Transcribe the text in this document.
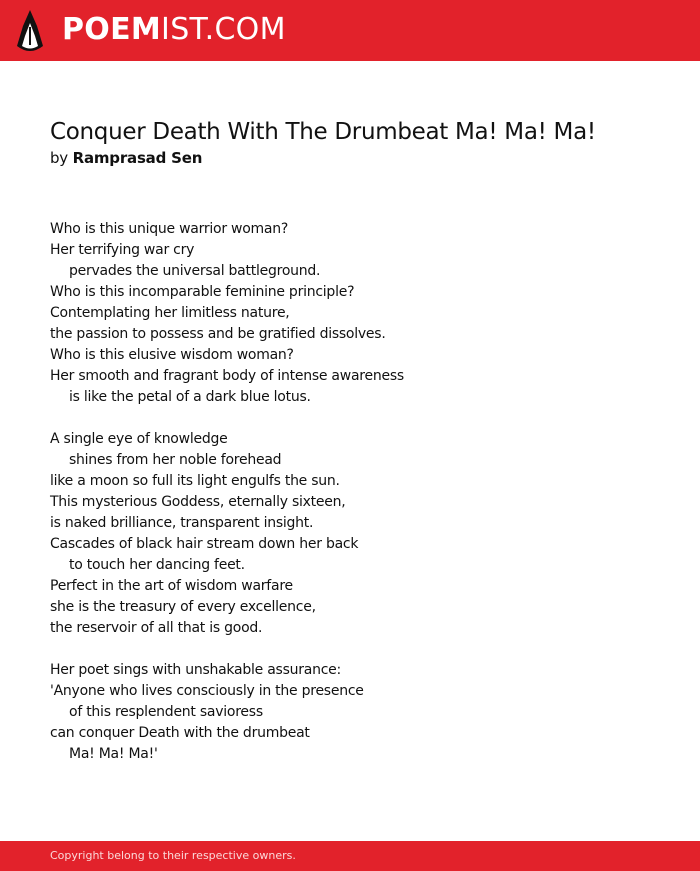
POEMIST.COM
Conquer Death With The Drumbeat Ma! Ma! Ma!
by Ramprasad Sen
Who is this unique warrior woman?
Her terrifying war cry
pervades the universal battleground.
Who is this incomparable feminine principle?
Contemplating her limitless nature,
the passion to possess and be gratified dissolves.
Who is this elusive wisdom woman?
Her smooth and fragrant body of intense awareness
is like the petal of a dark blue lotus.
A single eye of knowledge
shines from her noble forehead
like a moon so full its light engulfs the sun.
This mysterious Goddess, eternally sixteen,
is naked brilliance, transparent insight.
Cascades of black hair stream down her back
to touch her dancing feet.
Perfect in the art of wisdom warfare
she is the treasury of every excellence,
the reservoir of all that is good.
Her poet sings with unshakable assurance:
'Anyone who lives consciously in the presence
of this resplendent savioress
can conquer Death with the drumbeat
Ma! Ma! Ma!'
Copyright belong to their respective owners.
